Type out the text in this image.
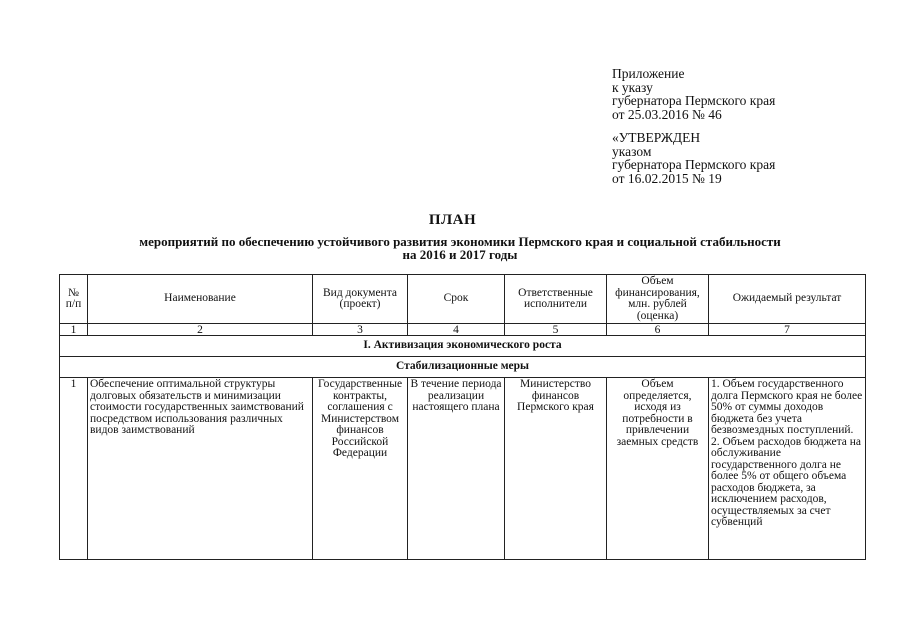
Приложение
к указу
губернатора Пермского края
от 25.03.2016 № 46
«УТВЕРЖДЕН
указом
губернатора Пермского края
от 16.02.2015 № 19
ПЛАН
мероприятий по обеспечению устойчивого развития экономики Пермского края и социальной стабильности
на 2016 и 2017 годы
№ п/п	Наименование	Вид документа (проект)	Срок	Ответственные исполнители	Объем финансирования, млн. рублей (оценка)	Ожидаемый результат
1	2	3	4	5	6	7
I. Активизация экономического роста						
Стабилизационные меры						
1	Обеспечение оптимальной структуры долговых обязательств и минимизации стоимости государственных заимствований посредством использования различных видов заимствований	Государственные контракты, соглашения с Министерством финансов Российской Федерации	В течение периода реализации настоящего плана	Министерство финансов Пермского края	Объем определяется, исходя из потребности в привлечении заемных средств	1. Объем государственного долга Пермского края не более 50% от суммы доходов бюджета без учета безвозмездных поступлений. 2. Объем расходов бюджета на обслуживание государственного долга не более 5% от общего объема расходов бюджета, за исключением расходов, осуществляемых за счет субвенций
